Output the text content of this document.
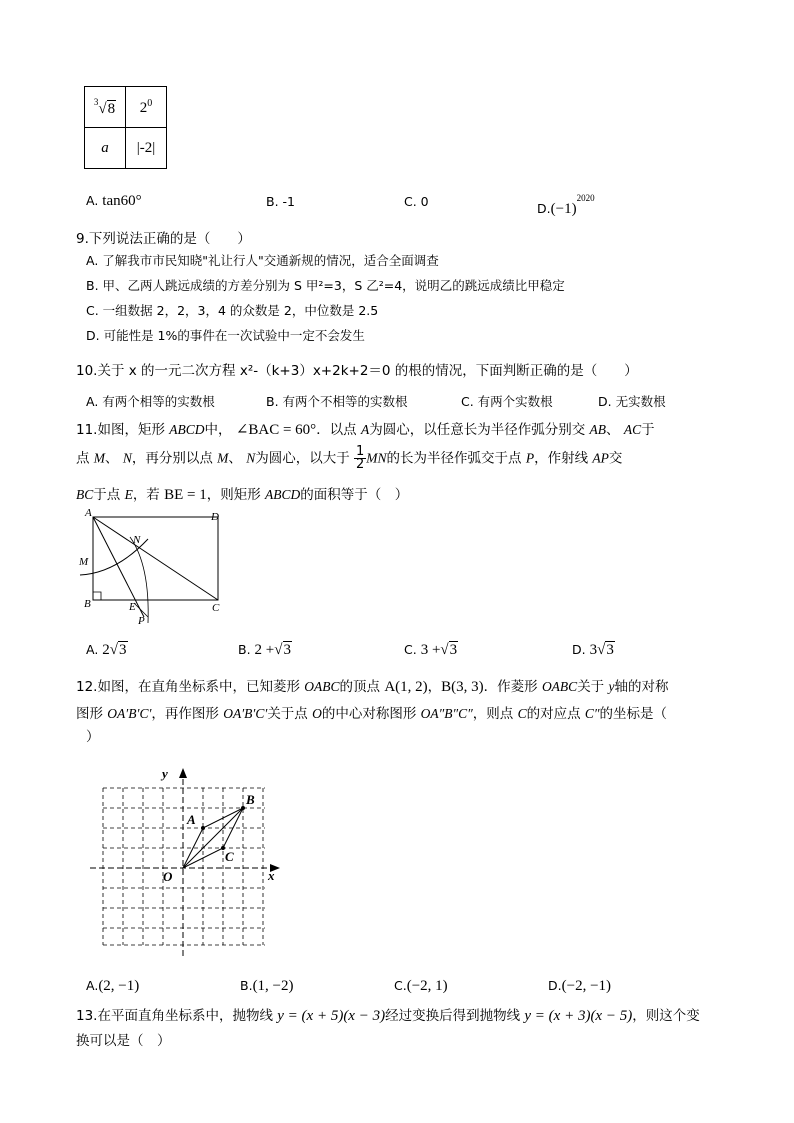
$^3$√8	$2^0$
a	|-2|
A. tan60°	B. -1	C. 0	$D.(-1)^{2020}$
9.下列说法正确的是（　　）
A. 了解我市市民知晓"礼让行人"交通新规的情况，适合全面调查
B. 甲、乙两人跳远成绩的方差分别为 S 甲²=3，S 乙²=4，说明乙的跳远成绩比甲稳定
C. 一组数据 2，2，3，4 的众数是 2，中位数是 2.5
D. 可能性是 1%的事件在一次试验中一定不会发生
10.关于 x 的一元二次方程 x²-（k+3）x+2k+2＝0 的根的情况，下面判断正确的是（　　）
A. 有两个相等的实数根	B. 有两个不相等的实数根	C. 有两个实数根	D. 无实数根
11.如图，矩形 ABCD中， ∠BAC = 60°．以点 A为圆心，以任意长为半径作弧分别交 AB、 AC于
点 M、 N，再分别以点 M、 N为圆心，以大于 $\frac{1}{2}$ MN的长为半径作弧交于点 P，作射线 AP交
BC于点 E，若 BE = 1，则矩形 ABCD的面积等于（　）
A	D
N
M
B	E	C
P
A. 2√3	B. 2 +√3	C. 3 +√3	D. 3√3
12.如图，在直角坐标系中，已知菱形 OABC的顶点 A(1, 2)，B(3, 3)．作菱形 OABC关于 y轴的对称
图形 OA′B′C′，再作图形 OA′B′C′关于点 O的中心对称图形 OA″B″C″，则点 C的对应点 C″的坐标是（
）
y
x
A
B
C
O
A.(2, −1)	B.(1, −2)	C.(−2, 1)	D.(−2, −1)
13.在平面直角坐标系中，抛物线 y = (x + 5)(x − 3)经过变换后得到抛物线 y = (x + 3)(x − 5)，则这个变
换可以是（　）
